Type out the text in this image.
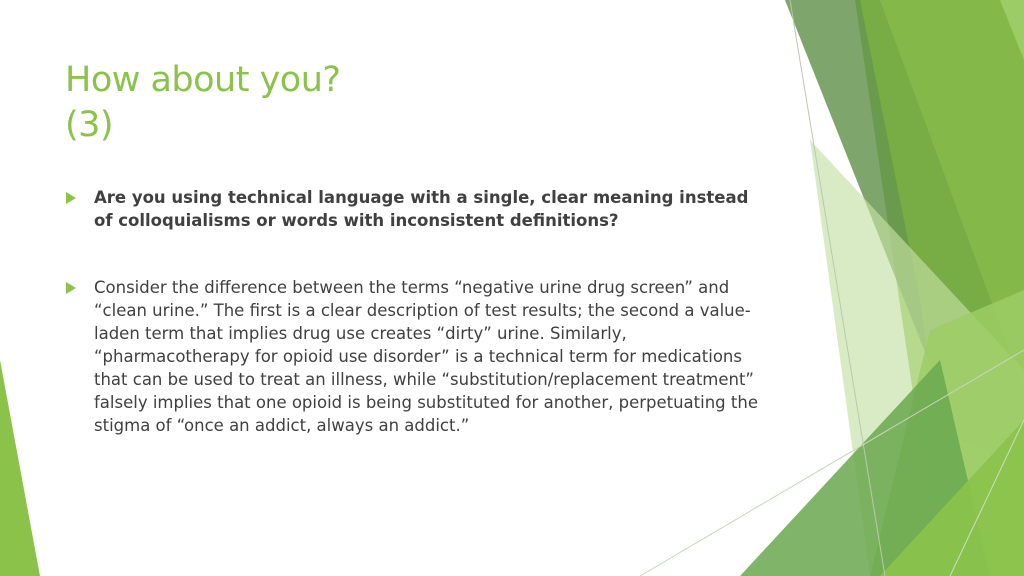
How about you?
(3)
Are you using technical language with a single, clear meaning instead of colloquialisms or words with inconsistent definitions?
Consider the difference between the terms “negative urine drug screen” and “clean urine.” The first is a clear description of test results; the second a value-laden term that implies drug use creates “dirty” urine. Similarly, “pharmacotherapy for opioid use disorder” is a technical term for medications that can be used to treat an illness, while “substitution/replacement treatment” falsely implies that one opioid is being substituted for another, perpetuating the stigma of “once an addict, always an addict.”
